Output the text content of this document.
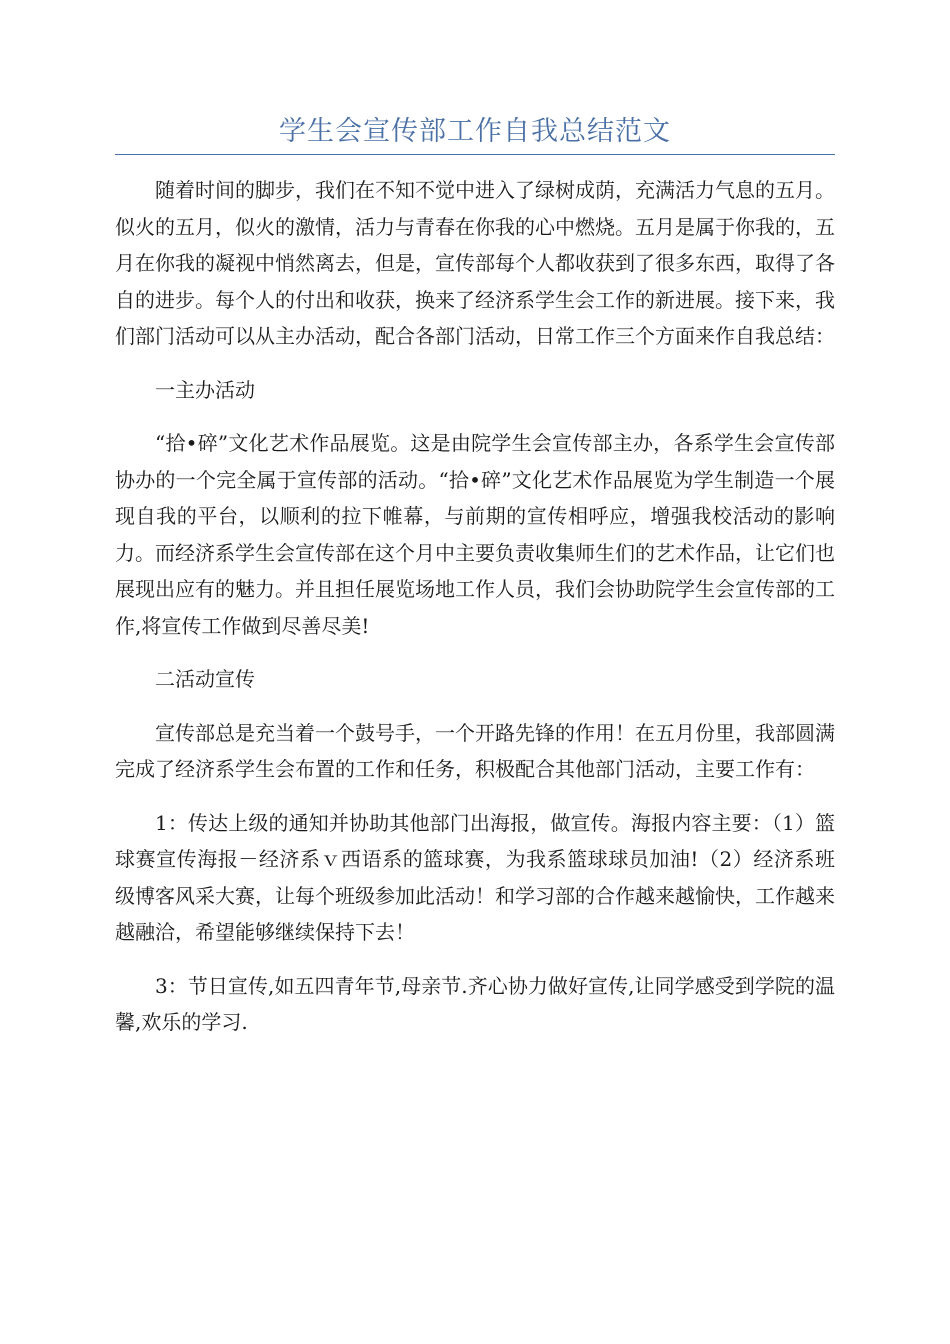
学生会宣传部工作自我总结范文

随着时间的脚步，我们在不知不觉中进入了绿树成荫，充满活力气息的五月。似火的五月，似火的激情，活力与青春在你我的心中燃烧。五月是属于你我的，五月在你我的凝视中悄然离去，但是，宣传部每个人都收获到了很多东西，取得了各自的进步。每个人的付出和收获，换来了经济系学生会工作的新进展。接下来，我们部门活动可以从主办活动，配合各部门活动，日常工作三个方面来作自我总结：

一主办活动

“拾•碎”文化艺术作品展览。这是由院学生会宣传部主办，各系学生会宣传部协办的一个完全属于宣传部的活动。“拾•碎”文化艺术作品展览为学生制造一个展现自我的平台，以顺利的拉下帷幕，与前期的宣传相呼应，增强我校活动的影响力。而经济系学生会宣传部在这个月中主要负责收集师生们的艺术作品，让它们也展现出应有的魅力。并且担任展览场地工作人员，我们会协助院学生会宣传部的工作,将宣传工作做到尽善尽美!

二活动宣传

宣传部总是充当着一个鼓号手，一个开路先锋的作用！在五月份里，我部圆满完成了经济系学生会布置的工作和任务，积极配合其他部门活动，主要工作有：

1：传达上级的通知并协助其他部门出海报，做宣传。海报内容主要：（1）篮球赛宣传海报－经济系ｖ西语系的篮球赛，为我系篮球球员加油!（2）经济系班级博客风采大赛，让每个班级参加此活动！和学习部的合作越来越愉快，工作越来越融洽，希望能够继续保持下去！

3：节日宣传,如五四青年节,母亲节.齐心协力做好宣传,让同学感受到学院的温馨,欢乐的学习.
